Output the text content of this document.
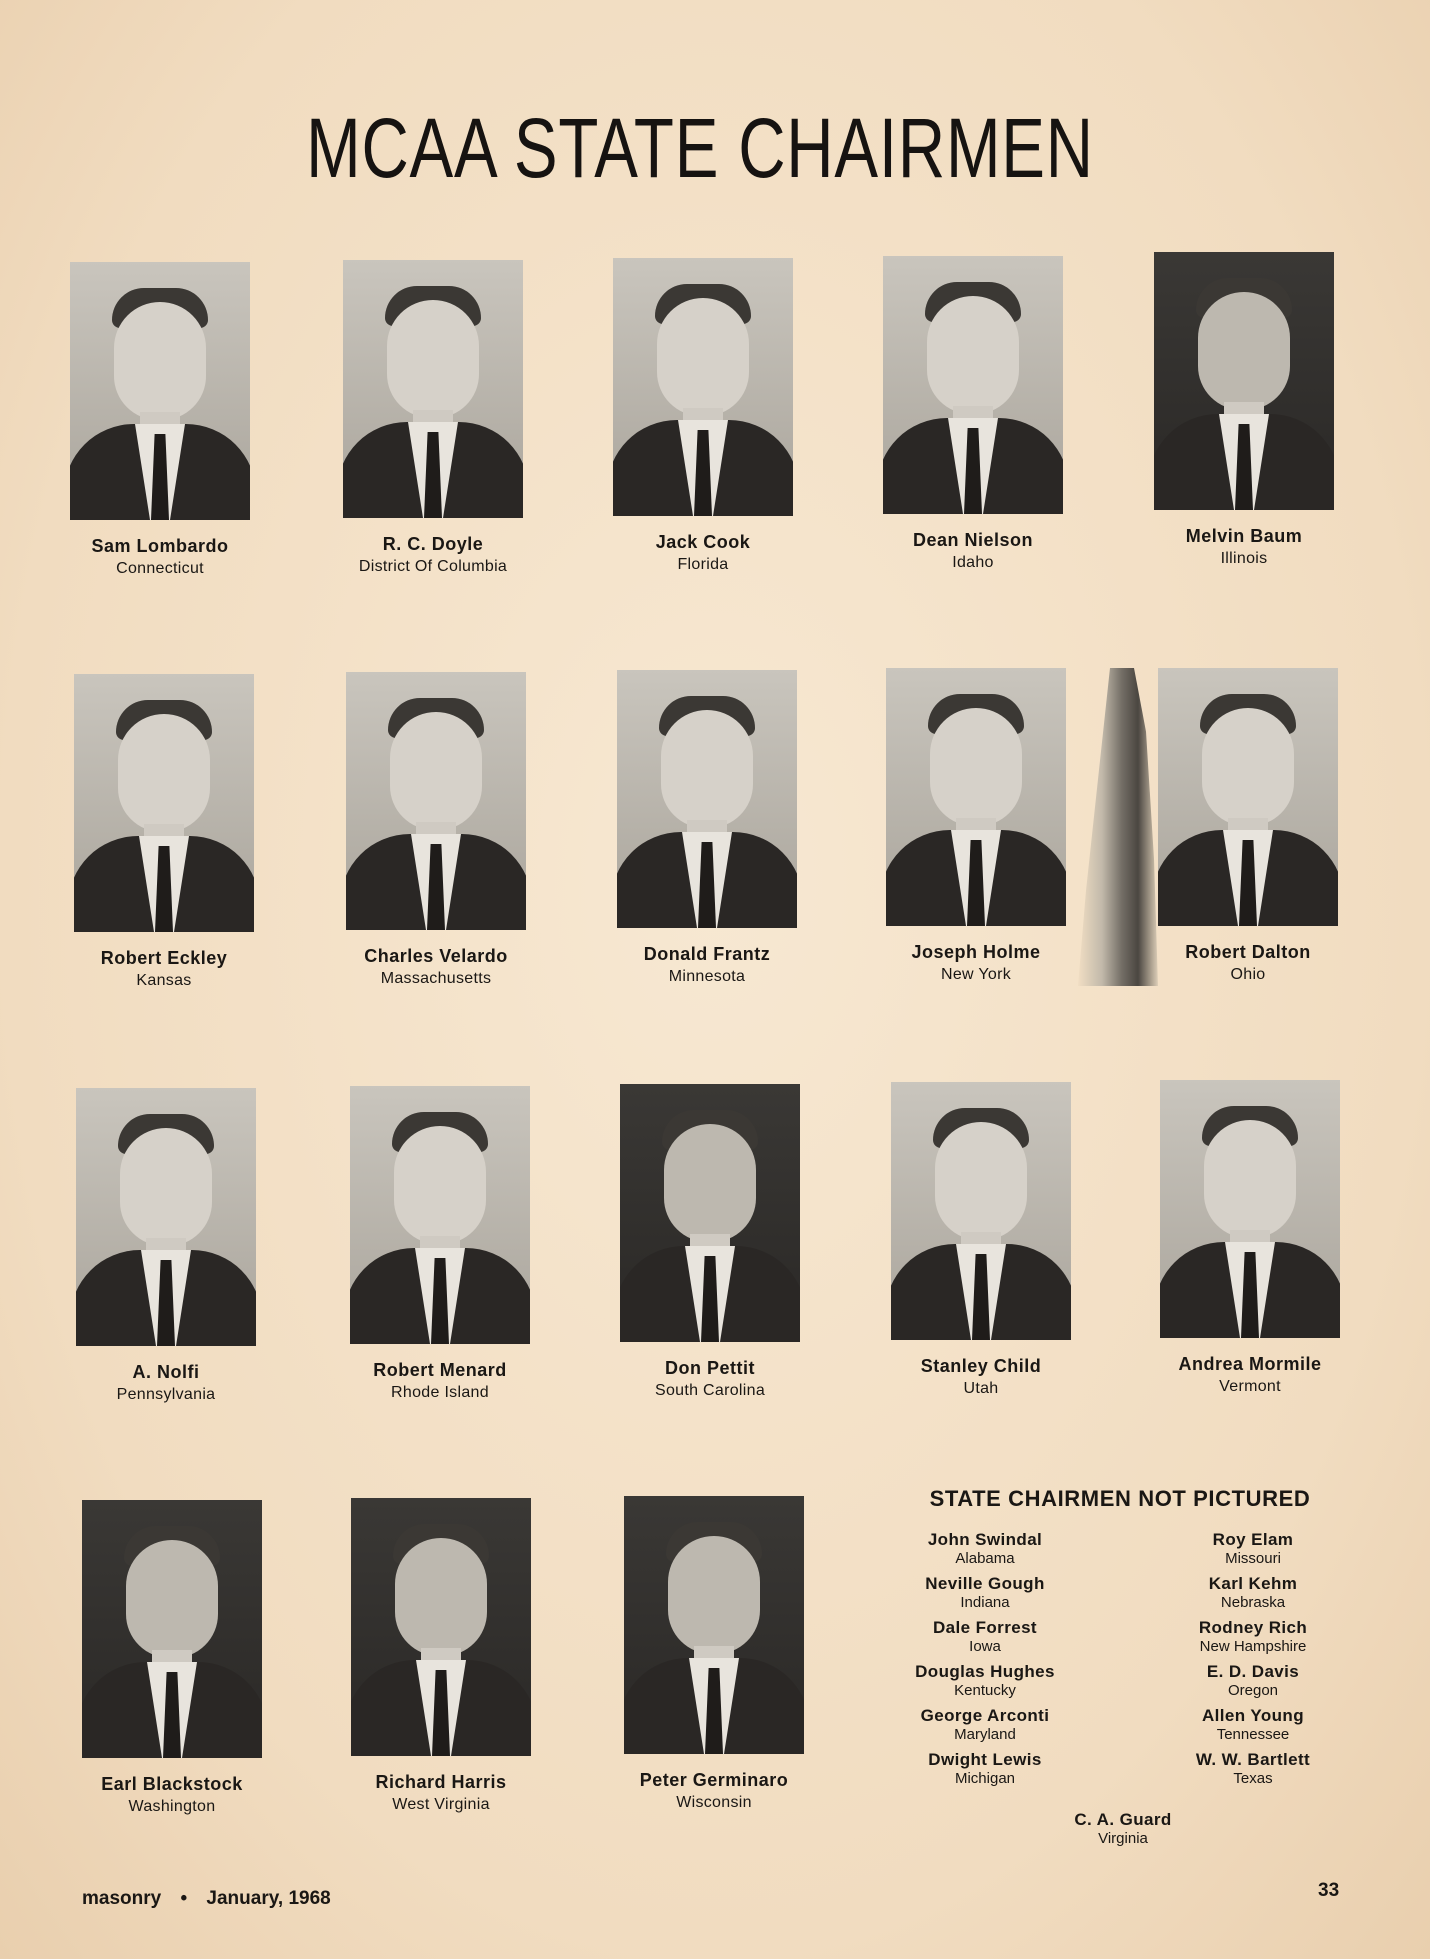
MCAA STATE CHAIRMEN
Sam Lombardo
Connecticut
R. C. Doyle
District Of Columbia
Jack Cook
Florida
Dean Nielson
Idaho
Melvin Baum
Illinois
Robert Eckley
Kansas
Charles Velardo
Massachusetts
Donald Frantz
Minnesota
Joseph Holme
New York
Robert Dalton
Ohio
A. Nolfi
Pennsylvania
Robert Menard
Rhode Island
Don Pettit
South Carolina
Stanley Child
Utah
Andrea Mormile
Vermont
Earl Blackstock
Washington
Richard Harris
West Virginia
Peter Germinaro
Wisconsin
STATE CHAIRMEN NOT PICTURED
John Swindal
Alabama
Neville Gough
Indiana
Dale Forrest
Iowa
Douglas Hughes
Kentucky
George Arconti
Maryland
Dwight Lewis
Michigan
Roy Elam
Missouri
Karl Kehm
Nebraska
Rodney Rich
New Hampshire
E. D. Davis
Oregon
Allen Young
Tennessee
W. W. Bartlett
Texas
C. A. Guard
Virginia
masonry • January, 1968	33
